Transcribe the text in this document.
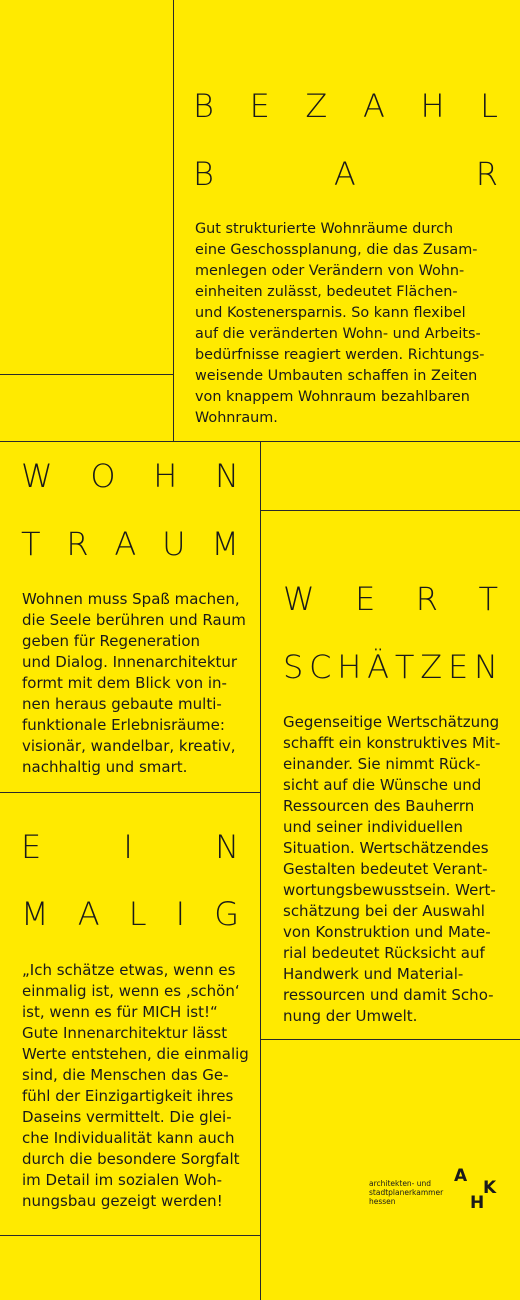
B E Z A H L
B	A	R

Gut strukturierte Wohnräume durch
eine Geschossplanung, die das Zusam-
menlegen oder Verändern von Wohn-
einheiten zulässt, bedeutet Flächen-
und Kostenersparnis. So kann flexibel
auf die veränderten Wohn- und Arbeits-
bedürfnisse reagiert werden. Richtungs-
weisende Umbauten schaffen in Zeiten
von knappem Wohnraum bezahlbaren
Wohnraum.

W O H N
T R A U M

Wohnen muss Spaß machen,
die Seele berühren und Raum
geben für Regeneration
und Dialog. Innenarchitektur
formt mit dem Blick von in-
nen heraus gebaute multi-
funktionale Erlebnisräume:
visionär, wandelbar, kreativ,
nachhaltig und smart.

W E R T
S C H Ä T Z E N

Gegenseitige Wertschätzung
schafft ein konstruktives Mit-
einander. Sie nimmt Rück-
sicht auf die Wünsche und
Ressourcen des Bauherrn
und seiner individuellen
Situation. Wertschätzendes
Gestalten bedeutet Verant-
wortungsbewusstsein. Wert-
schätzung bei der Auswahl
von Konstruktion und Mate-
rial bedeutet Rücksicht auf
Handwerk und Material-
ressourcen und damit Scho-
nung der Umwelt.

E	I	N
M A L I G

„Ich schätze etwas, wenn es
einmalig ist, wenn es ‚schön‘
ist, wenn es für MICH ist!“
Gute Innenarchitektur lässt
Werte entstehen, die einmalig
sind, die Menschen das Ge-
fühl der Einzigartigkeit ihres
Daseins vermittelt. Die glei-
che Individualität kann auch
durch die besondere Sorgfalt
im Detail im sozialen Woh-
nungsbau gezeigt werden!

architekten- und
stadtplanerkammer
hessen
A
K
H
